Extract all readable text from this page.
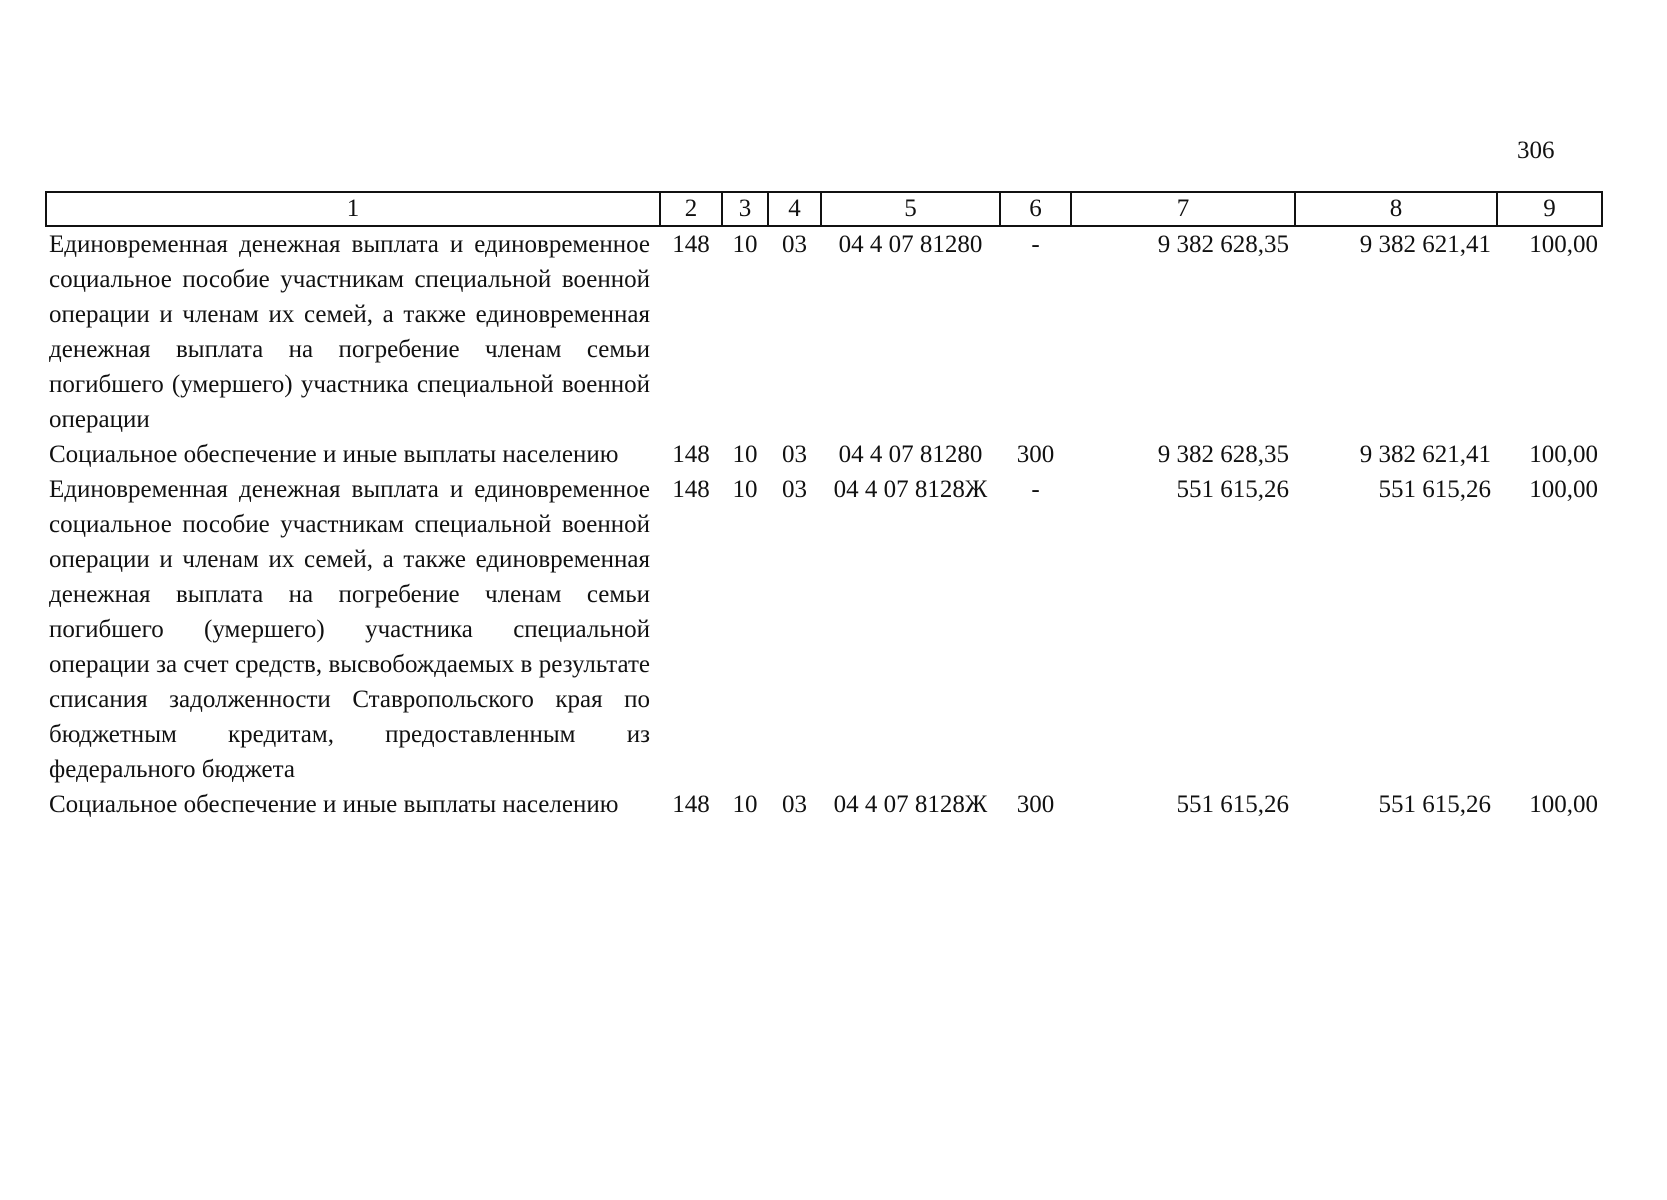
306
1	2	3	4	5	6	7	8	9
Единовременная денежная выплата и единовременное социальное пособие участникам специальной военной операции и членам их семей, а также единовременная денежная выплата на погребение членам семьи погибшего (умершего) участника специальной военной операции	148	10	03	04 4 07 81280	-	9 382 628,35	9 382 621,41	100,00
Социальное обеспечение и иные выплаты населению	148	10	03	04 4 07 81280	300	9 382 628,35	9 382 621,41	100,00
Единовременная денежная выплата и единовременное социальное пособие участникам специальной военной операции и членам их семей, а также единовременная денежная выплата на погребение членам семьи погибшего (умершего) участника специальной операции за счет средств, высвобождаемых в результате списания задолженности Ставропольского края по бюджетным кредитам, предоставленным из федерального бюджета	148	10	03	04 4 07 8128Ж	-	551 615,26	551 615,26	100,00
Социальное обеспечение и иные выплаты населению	148	10	03	04 4 07 8128Ж	300	551 615,26	551 615,26	100,00
